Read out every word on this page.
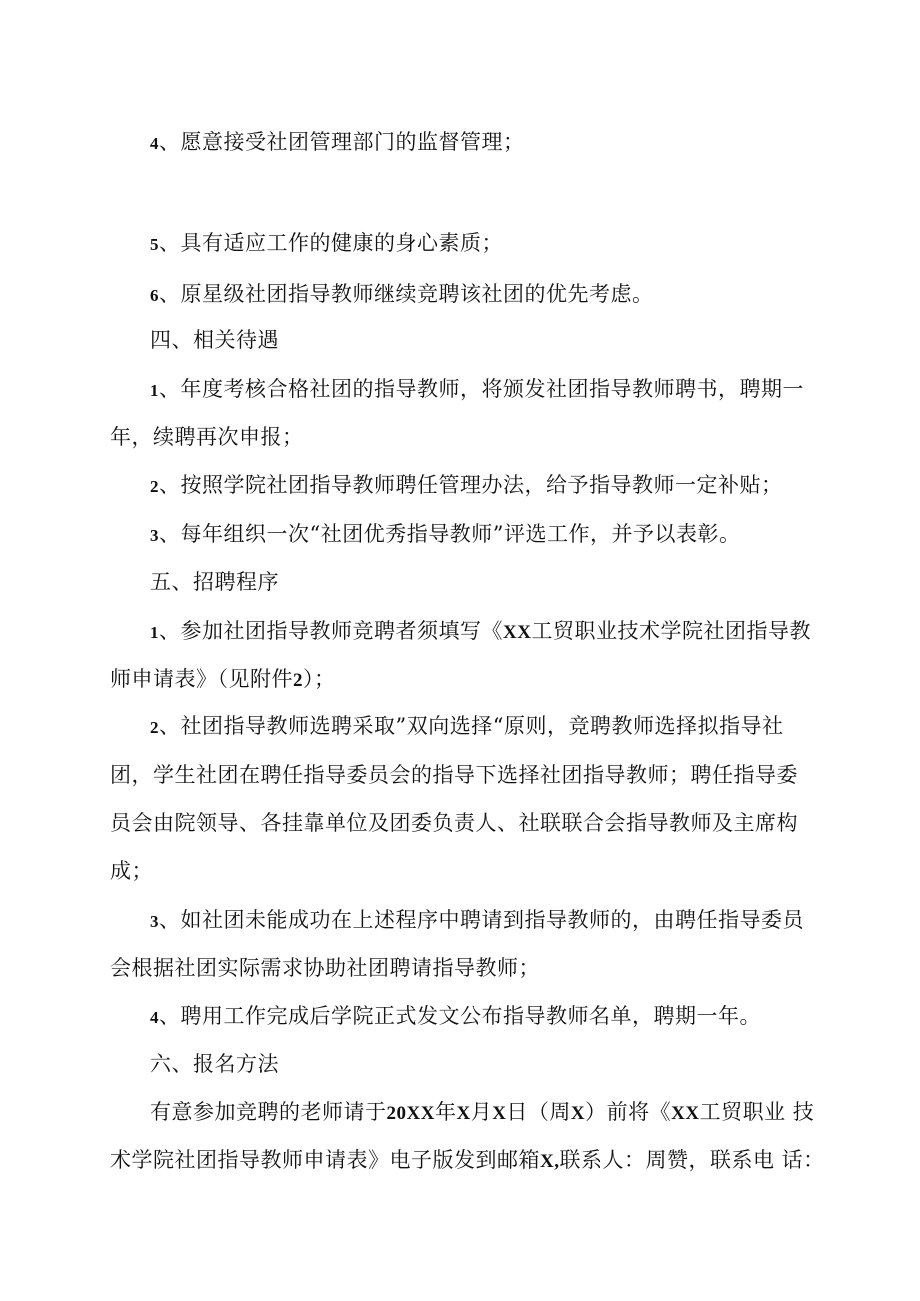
4、愿意接受社团管理部门的监督管理；
5、具有适应工作的健康的身心素质；
6、原星级社团指导教师继续竞聘该社团的优先考虑。
四、相关待遇
1、年度考核合格社团的指导教师，将颁发社团指导教师聘书，聘期一
年，续聘再次申报；
2、按照学院社团指导教师聘任管理办法，给予指导教师一定补贴；
3、每年组织一次“社团优秀指导教师”评选工作，并予以表彰。
五、招聘程序
1、参加社团指导教师竞聘者须填写《XX工贸职业技术学院社团指导教
师申请表》（见附件2）；
2、社团指导教师选聘采取”双向选择“原则，竞聘教师选择拟指导社
团，学生社团在聘任指导委员会的指导下选择社团指导教师；聘任指导委
员会由院领导、各挂靠单位及团委负责人、社联联合会指导教师及主席构
成；
3、如社团未能成功在上述程序中聘请到指导教师的，由聘任指导委员
会根据社团实际需求协助社团聘请指导教师；
4、聘用工作完成后学院正式发文公布指导教师名单，聘期一年。
六、报名方法
有意参加竞聘的老师请于20XX年X月X日（周X）前将《XX工贸职业 技
术学院社团指导教师申请表》电子版发到邮箱X,联系人：周赞，联系电 话：
